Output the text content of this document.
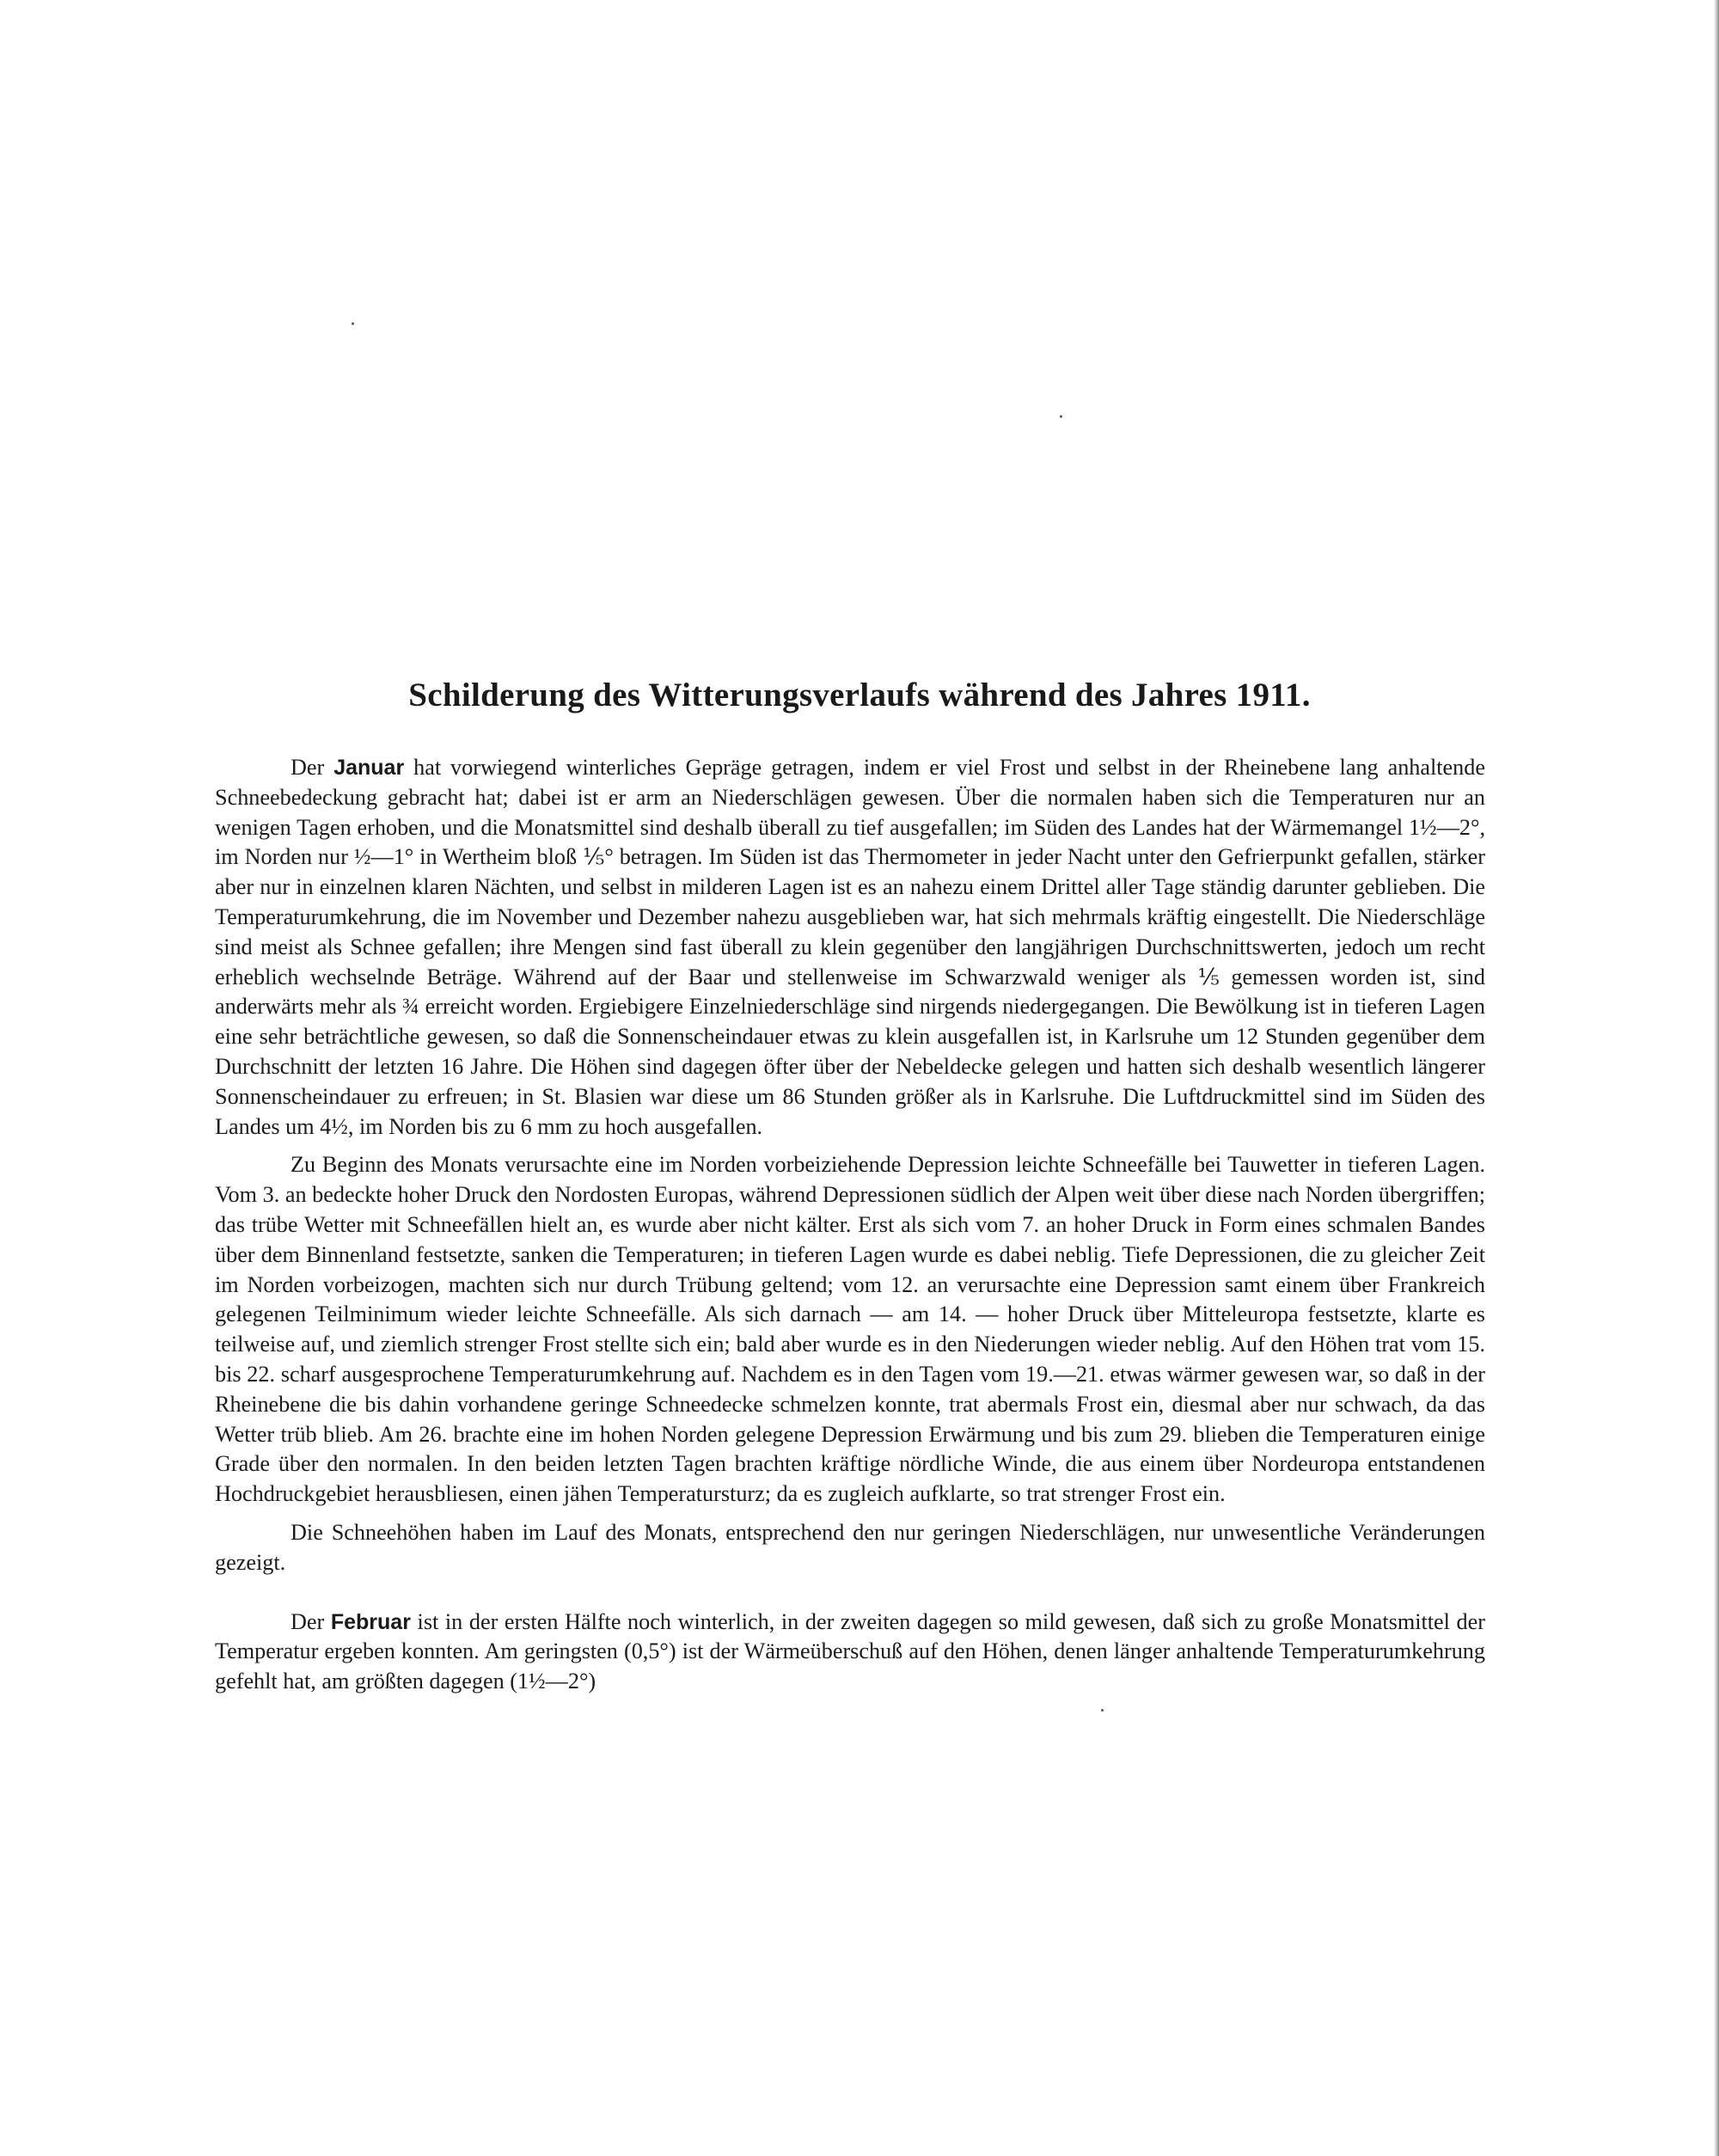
Schilderung des Witterungsverlaufs während des Jahres 1911.

Der Januar hat vorwiegend winterliches Gepräge getragen, indem er viel Frost und selbst in der Rheinebene lang anhaltende Schneebedeckung gebracht hat; dabei ist er arm an Niederschlägen gewesen. Über die normalen haben sich die Temperaturen nur an wenigen Tagen erhoben, und die Monatsmittel sind deshalb überall zu tief ausgefallen; im Süden des Landes hat der Wärmemangel 1½—2°, im Norden nur ½—1° in Wertheim bloß ⅕° betragen. Im Süden ist das Thermometer in jeder Nacht unter den Gefrierpunkt gefallen, stärker aber nur in einzelnen klaren Nächten, und selbst in milderen Lagen ist es an nahezu einem Drittel aller Tage ständig darunter geblieben. Die Temperaturumkehrung, die im November und Dezember nahezu ausgeblieben war, hat sich mehrmals kräftig eingestellt. Die Niederschläge sind meist als Schnee gefallen; ihre Mengen sind fast überall zu klein gegenüber den langjährigen Durchschnittswerten, jedoch um recht erheblich wechselnde Beträge. Während auf der Baar und stellenweise im Schwarzwald weniger als ⅕ gemessen worden ist, sind anderwärts mehr als ¾ erreicht worden. Ergiebigere Einzelniederschläge sind nirgends niedergegangen. Die Bewölkung ist in tieferen Lagen eine sehr beträchtliche gewesen, so daß die Sonnenscheindauer etwas zu klein ausgefallen ist, in Karlsruhe um 12 Stunden gegenüber dem Durchschnitt der letzten 16 Jahre. Die Höhen sind dagegen öfter über der Nebeldecke gelegen und hatten sich deshalb wesentlich längerer Sonnenscheindauer zu erfreuen; in St. Blasien war diese um 86 Stunden größer als in Karlsruhe. Die Luftdruckmittel sind im Süden des Landes um 4½, im Norden bis zu 6 mm zu hoch ausgefallen.

Zu Beginn des Monats verursachte eine im Norden vorbeiziehende Depression leichte Schneefälle bei Tauwetter in tieferen Lagen. Vom 3. an bedeckte hoher Druck den Nordosten Europas, während Depressionen südlich der Alpen weit über diese nach Norden übergriffen; das trübe Wetter mit Schneefällen hielt an, es wurde aber nicht kälter. Erst als sich vom 7. an hoher Druck in Form eines schmalen Bandes über dem Binnenland festsetzte, sanken die Temperaturen; in tieferen Lagen wurde es dabei neblig. Tiefe Depressionen, die zu gleicher Zeit im Norden vorbeizogen, machten sich nur durch Trübung geltend; vom 12. an verursachte eine Depression samt einem über Frankreich gelegenen Teilminimum wieder leichte Schneefälle. Als sich darnach — am 14. — hoher Druck über Mitteleuropa festsetzte, klarte es teilweise auf, und ziemlich strenger Frost stellte sich ein; bald aber wurde es in den Niederungen wieder neblig. Auf den Höhen trat vom 15. bis 22. scharf ausgesprochene Temperaturumkehrung auf. Nachdem es in den Tagen vom 19.—21. etwas wärmer gewesen war, so daß in der Rheinebene die bis dahin vorhandene geringe Schneedecke schmelzen konnte, trat abermals Frost ein, diesmal aber nur schwach, da das Wetter trüb blieb. Am 26. brachte eine im hohen Norden gelegene Depression Erwärmung und bis zum 29. blieben die Temperaturen einige Grade über den normalen. In den beiden letzten Tagen brachten kräftige nördliche Winde, die aus einem über Nordeuropa entstandenen Hochdruckgebiet herausbliesen, einen jähen Temperatursturz; da es zugleich aufklarte, so trat strenger Frost ein.

Die Schneehöhen haben im Lauf des Monats, entsprechend den nur geringen Niederschlägen, nur unwesentliche Veränderungen gezeigt.

Der Februar ist in der ersten Hälfte noch winterlich, in der zweiten dagegen so mild gewesen, daß sich zu große Monatsmittel der Temperatur ergeben konnten. Am geringsten (0,5°) ist der Wärmeüberschuß auf den Höhen, denen länger anhaltende Temperaturumkehrung gefehlt hat, am größten dagegen (1½—2°)
